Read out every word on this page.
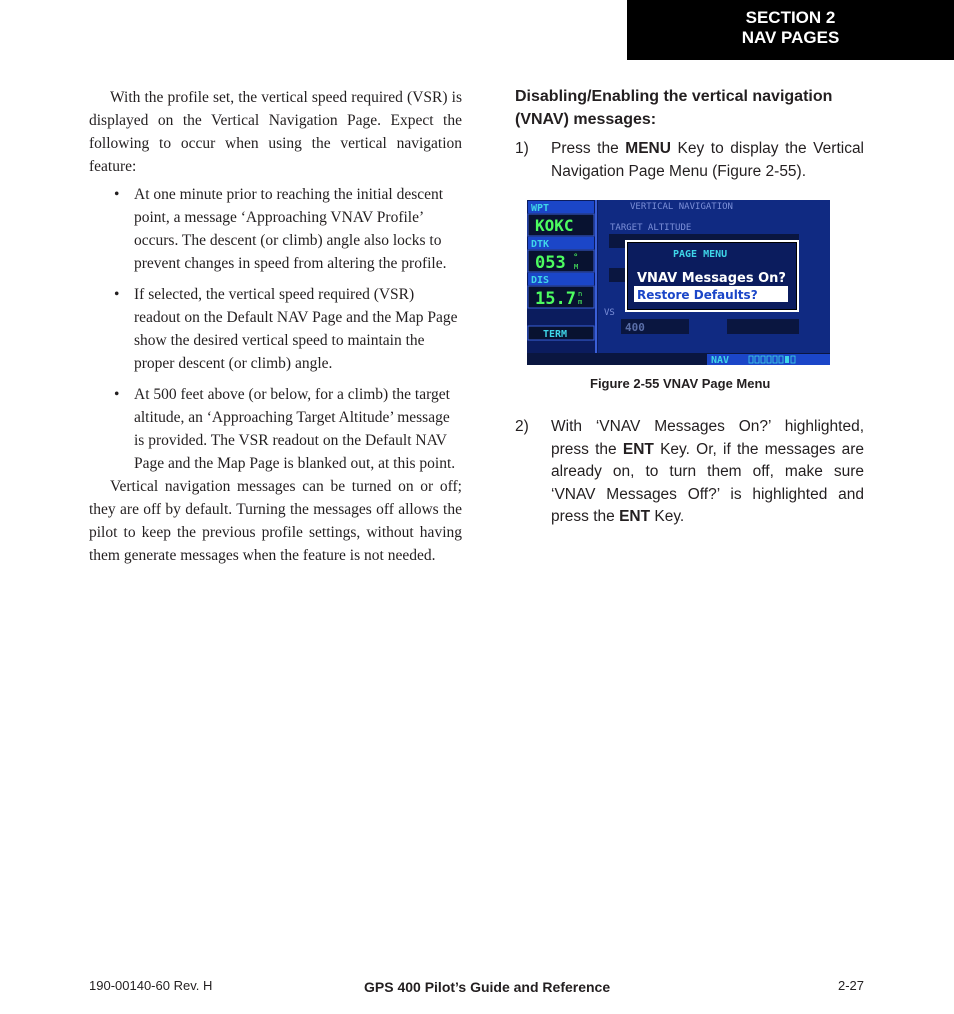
SECTION 2
NAV PAGES

With the profile set, the vertical speed required (VSR) is displayed on the Vertical Navigation Page. Expect the following to occur when using the vertical navigation feature:

• At one minute prior to reaching the initial descent point, a message ‘Approaching VNAV Profile’ occurs. The descent (or climb) angle also locks to prevent changes in speed from altering the profile.
• If selected, the vertical speed required (VSR) readout on the Default NAV Page and the Map Page show the desired vertical speed to maintain the proper descent (or climb) angle.
• At 500 feet above (or below, for a climb) the target altitude, an ‘Approaching Target Altitude’ message is provided. The VSR readout on the Default NAV Page and the Map Page is blanked out, at this point.

Vertical navigation messages can be turned on or off; they are off by default. Turning the messages off allows the pilot to keep the previous profile settings, without having them generate messages when the feature is not needed.

Disabling/Enabling the vertical navigation (VNAV) messages:
1) Press the MENU Key to display the Vertical Navigation Page Menu (Figure 2-55).
WPT
KOKC
DTK
053 °
M
DIS
15.7 n
m
TERM
VERTICAL NAVIGATION
TARGET ALTITUDE
VS
400
PAGE MENU
VNAV Messages On?
Restore Defaults?
NAV
Figure 2-55 VNAV Page Menu
2) With ‘VNAV Messages On?’ highlighted, press the ENT Key. Or, if the messages are already on, to turn them off, make sure ‘VNAV Messages Off?’ is highlighted and press the ENT Key.
190-00140-60 Rev. H	GPS 400 Pilot’s Guide and Reference	2-27
